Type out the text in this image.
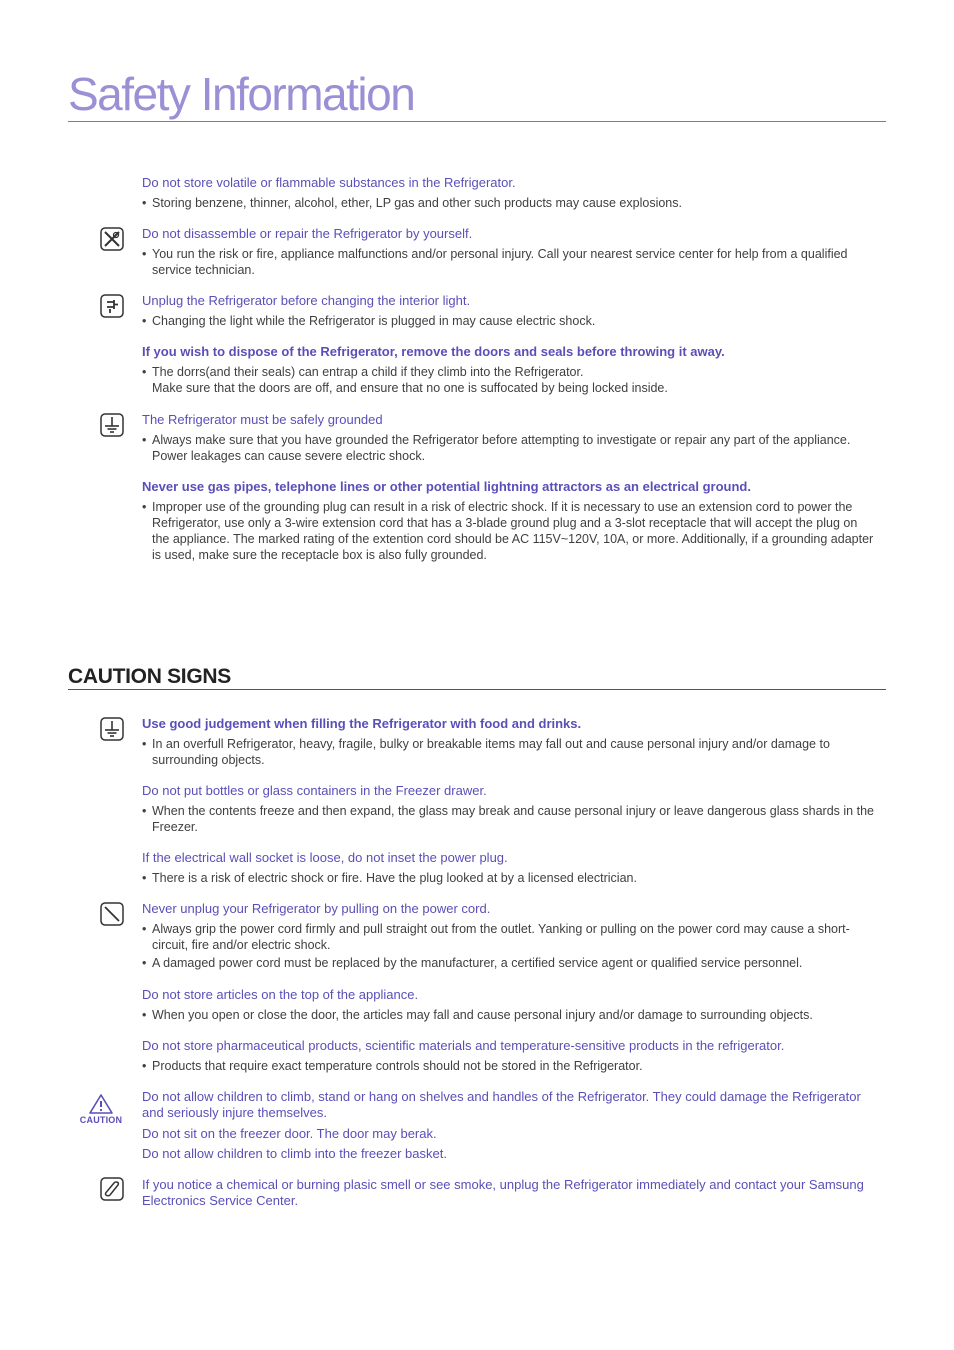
Safety Information
Do not store volatile or flammable substances in the Refrigerator.
• Storing benzene, thinner, alcohol, ether, LP gas and other such products may cause explosions.
Do not disassemble or repair the Refrigerator by yourself.
• You run the risk or fire, appliance malfunctions and/or personal injury. Call your nearest service center for help from a qualified service technician.
Unplug the Refrigerator before changing the interior light.
• Changing the light while the Refrigerator is plugged in may cause electric shock.
If you wish to dispose of the Refrigerator, remove the doors and seals before throwing it away.
• The dorrs(and their seals) can entrap a child if they climb into the Refrigerator.
Make sure that the doors are off, and ensure that no one is suffocated by being locked inside.
The Refrigerator must be safely grounded
• Always make sure that you have grounded the Refrigerator before attempting to investigate or repair any part of the appliance. Power leakages can cause severe electric shock.
Never use gas pipes, telephone lines or other potential lightning attractors as an electrical ground.
• Improper use of the grounding plug can result in a risk of electric shock. If it is necessary to use an extension cord to power the Refrigerator, use only a 3-wire extension cord that has a 3-blade ground plug and a 3-slot receptacle that will accept the plug on the appliance. The marked rating of the extention cord should be AC 115V~120V, 10A, or more. Additionally, if a grounding adapter is used, make sure the receptacle box is also fully grounded.
CAUTION SIGNS
Use good judgement when filling the Refrigerator with food and drinks.
• In an overfull Refrigerator, heavy, fragile, bulky or breakable items may fall out and cause personal injury and/or damage to surrounding objects.
Do not put bottles or glass containers in the Freezer drawer.
• When the contents freeze and then expand, the glass may break and cause personal injury or leave dangerous glass shards in the Freezer.
If the electrical wall socket is loose, do not inset the power plug.
• There is a risk of electric shock or fire. Have the plug looked at by a licensed electrician.
Never unplug your Refrigerator by pulling on the power cord.
• Always grip the power cord firmly and pull straight out from the outlet. Yanking or pulling on the power cord may cause a short-circuit, fire and/or electric shock.
• A damaged power cord must be replaced by the manufacturer, a certified service agent or qualified service personnel.
Do not store articles on the top of the appliance.
• When you open or close the door, the articles may fall and cause personal injury and/or damage to surrounding objects.
Do not store pharmaceutical products, scientific materials and temperature-sensitive products in the refrigerator.
• Products that require exact temperature controls should not be stored in the Refrigerator.
CAUTION
Do not allow children to climb, stand or hang on shelves and handles of the Refrigerator. They could damage the Refrigerator and seriously injure themselves.
Do not sit on the freezer door. The door may berak.
Do not allow children to climb into the freezer basket.
If you notice a chemical or burning plasic smell or see smoke, unplug the Refrigerator immediately and contact your Samsung Electronics Service Center.
